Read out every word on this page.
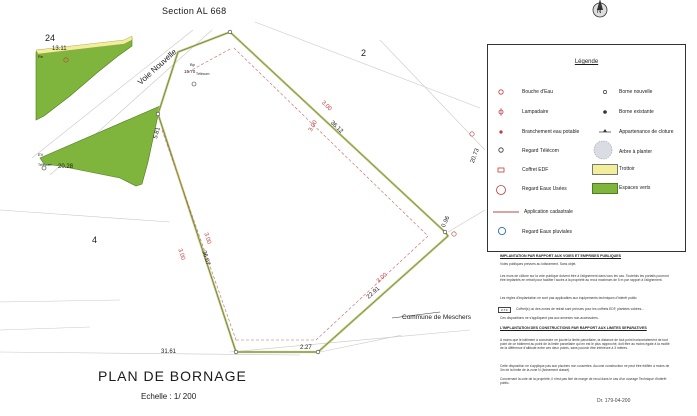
N
Section AL 668
24
2
4
Voie Nouvelle
Commune de Meschers
13.11
15.70 Télécom
Re
EV
Télécom 20.28
5.81
Bp
3.00
3.00
36.12
3.00
3.00 36.07
22.91
3.00
20.73
0.96
2.27
31.61
PLAN DE BORNAGE
Echelle : 1/ 200	Dr. 179-04-200
Légende
Bouche d'Eau
Lampadaire
Branchement eau potable
Regard Télécom
Coffret EDF
Regard Eaux Usées
Borne nouvelle
Borne existante
Appartenance de cloture
Arbre à planter
Trottoir
Espaces verts
Application cadastrale
Regard Eaux pluviales
IMPLANTATION PAR RAPPORT AUX VOIES ET EMPRISES PUBLIQUES
Voies publiques prévues au lotissement. Sans objet.
Les murs de clôture sur la voie publique doivent être à l'alignement dans tous les cas. Toutefois les portails pourront être implantés en retrait pour faciliter l'accès à la propriété au recul maximum de 5 m par rapport à l'alignement.
Les règles d'implantation ne sont pas applicables aux équipements techniques d'intérêt public
Z.T.F.	Coffret(s) où des zones de retrait sont prévues pour les coffrets EDF, plantées cobées...
Ces dispositions ne s'appliquent pas aux annexes non-accessoires.
L'IMPLANTATION DES CONSTRUCTIONS PAR RAPPORT AUX LIMITES SEPARATIVES
A moins que le bâtiment à construire ne jouxte la limite parcellaire, la distance de tout point horizontalement de tout point de ce bâtiment au point de la limite parcellaire qui en est le plus rapproché, doit être au moins égale à la moitié de la différence d'altitude entre ces deux points, sans pouvoir être inférieure à 3 mètres.
Cette disposition ne s'applique pas aux piscines non couvertes. Aucune construction ne peut être édifiée à moins de 3m de la limite de la zone N (boisement classé).
Concernant la cote de la propriété, il n'est pas fixé de marge de recul dans le cas d'un ouvrage Technique d'intérêt public.
